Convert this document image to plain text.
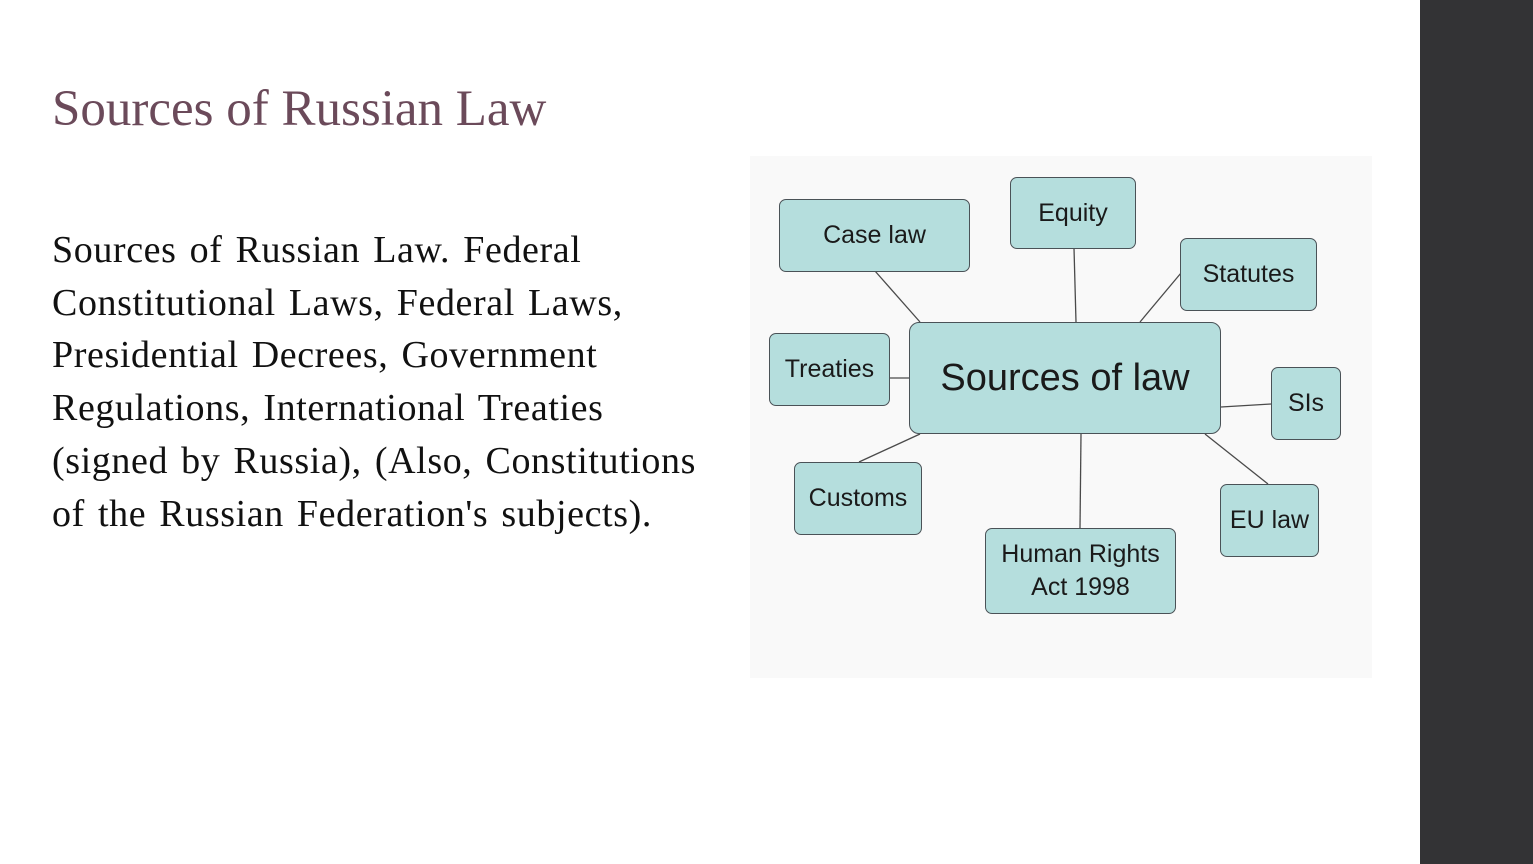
Sources of Russian Law

Sources of Russian Law. Federal Constitutional Laws, Federal Laws, Presidential Decrees, Government Regulations, International Treaties (signed by Russia), (Also, Constitutions of the Russian Federation's subjects).

Case law
Equity
Statutes
Treaties	Sources of law
SIs
Customs
EU law
Human Rights
Act 1998
